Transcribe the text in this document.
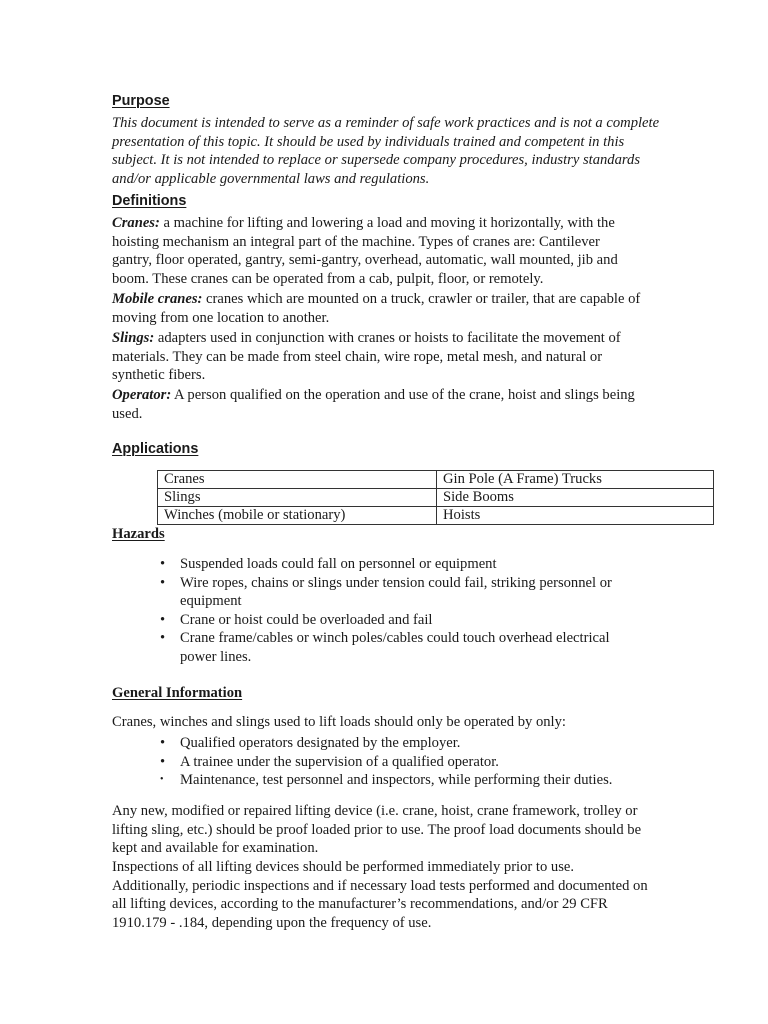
Purpose
This document is intended to serve as a reminder of safe work practices and is not a complete presentation of this topic. It should be used by individuals trained and competent in this subject. It is not intended to replace or supersede company procedures, industry standards and/or applicable governmental laws and regulations.
Definitions
Cranes: a machine for lifting and lowering a load and moving it horizontally, with the hoisting mechanism an integral part of the machine. Types of cranes are: Cantilever gantry, floor operated, gantry, semi-gantry, overhead, automatic, wall mounted, jib and boom. These cranes can be operated from a cab, pulpit, floor, or remotely.
Mobile cranes: cranes which are mounted on a truck, crawler or trailer, that are capable of moving from one location to another.
Slings: adapters used in conjunction with cranes or hoists to facilitate the movement of materials. They can be made from steel chain, wire rope, metal mesh, and natural or synthetic fibers.
Operator: A person qualified on the operation and use of the crane, hoist and slings being used.
Applications
Cranes	Gin Pole (A Frame) Trucks
Slings	Side Booms
Winches (mobile or stationary)	Hoists
Hazards
• Suspended loads could fall on personnel or equipment
• Wire ropes, chains or slings under tension could fail, striking personnel or equipment
• Crane or hoist could be overloaded and fail
• Crane frame/cables or winch poles/cables could touch overhead electrical power lines.
General Information
Cranes, winches and slings used to lift loads should only be operated by only:
• Qualified operators designated by the employer.
• A trainee under the supervision of a qualified operator.
• Maintenance, test personnel and inspectors, while performing their duties.
Any new, modified or repaired lifting device (i.e. crane, hoist, crane framework, trolley or lifting sling, etc.) should be proof loaded prior to use. The proof load documents should be kept and available for examination.
Inspections of all lifting devices should be performed immediately prior to use. Additionally, periodic inspections and if necessary load tests performed and documented on all lifting devices, according to the manufacturer’s recommendations, and/or 29 CFR 1910.179 - .184, depending upon the frequency of use.
